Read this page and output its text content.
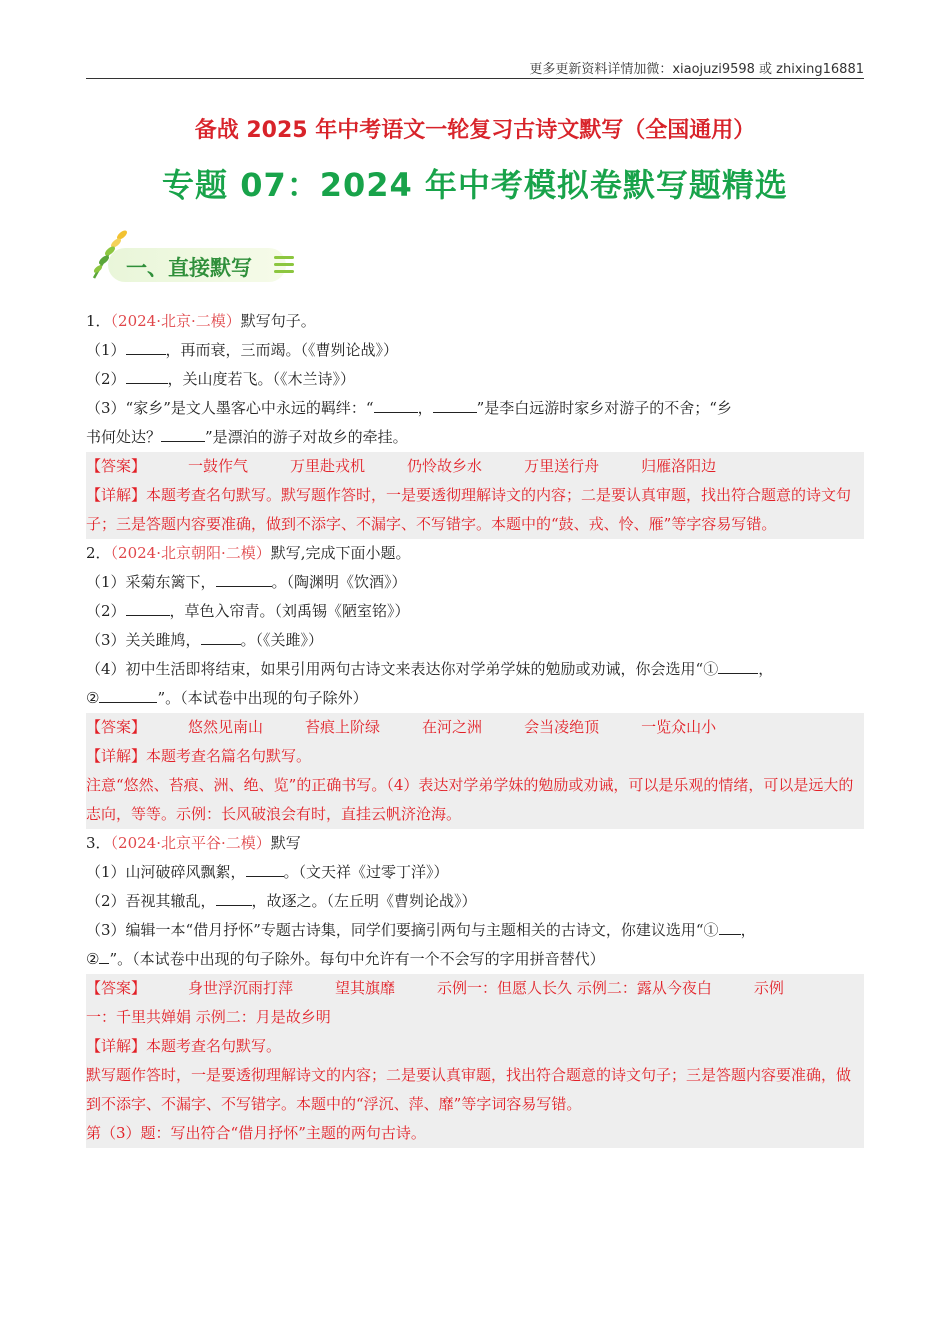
更多更新资料详情加微：xiaojuzi9598 或 zhixing16881
备战 2025 年中考语文一轮复习古诗文默写（全国通用）
专题 07：2024 年中考模拟卷默写题精选
一、直接默写
1．（2024·北京·二模）默写句子。
（1）	，再而衰，三而竭。（《曹刿论战》）
（2）	，关山度若飞。（《木兰诗》）
（3）“家乡”是文人墨客心中永远的羁绊：“	，	”是李白远游时家乡对游子的不舍；“乡
书何处达？	”是漂泊的游子对故乡的牵挂。
【答案】	一鼓作气	万里赴戎机	仍怜故乡水	万里送行舟	归雁洛阳边
【详解】本题考查名句默写。默写题作答时，一是要透彻理解诗文的内容；二是要认真审题，找出符合题意的诗文句子；三是答题内容要准确，做到不添字、不漏字、不写错字。本题中的“鼓、戎、怜、雁”等字容易写错。
2．（2024·北京朝阳·二模）默写,完成下面小题。
（1）采菊东篱下，	。（陶渊明《饮酒》）
（2）	，草色入帘青。（刘禹锡《陋室铭》）
（3）关关雎鸠，	。（《关雎》）
（4）初中生活即将结束，如果引用两句古诗文来表达你对学弟学妹的勉励或劝诫，你会选用“①	，
②	”。（本试卷中出现的句子除外）
【答案】	悠然见南山	苔痕上阶绿	在河之洲	会当凌绝顶	一览众山小
【详解】本题考查名篇名句默写。
注意“悠然、苔痕、洲、绝、览”的正确书写。（4）表达对学弟学妹的勉励或劝诫，可以是乐观的情绪，可以是远大的志向，等等。示例：长风破浪会有时，直挂云帆济沧海。
3．（2024·北京平谷·二模）默写
（1）山河破碎风飘絮，	。（文天祥《过零丁洋》）
（2）吾视其辙乱， ，故逐之。（左丘明《曹刿论战》）
（3）编辑一本“借月抒怀”专题古诗集，同学们要摘引两句与主题相关的古诗文，你建议选用“① ，
② ”。（本试卷中出现的句子除外。每句中允许有一个不会写的字用拼音替代）
【答案】	身世浮沉雨打萍	望其旗靡	示例一：但愿人长久 示例二：露从今夜白	示例
一：千里共婵娟 示例二：月是故乡明
【详解】本题考查名句默写。
默写题作答时，一是要透彻理解诗文的内容；二是要认真审题，找出符合题意的诗文句子；三是答题内容要准确，做到不添字、不漏字、不写错字。本题中的“浮沉、萍、靡”等字词容易写错。
第（3）题：写出符合“借月抒怀”主题的两句古诗。
